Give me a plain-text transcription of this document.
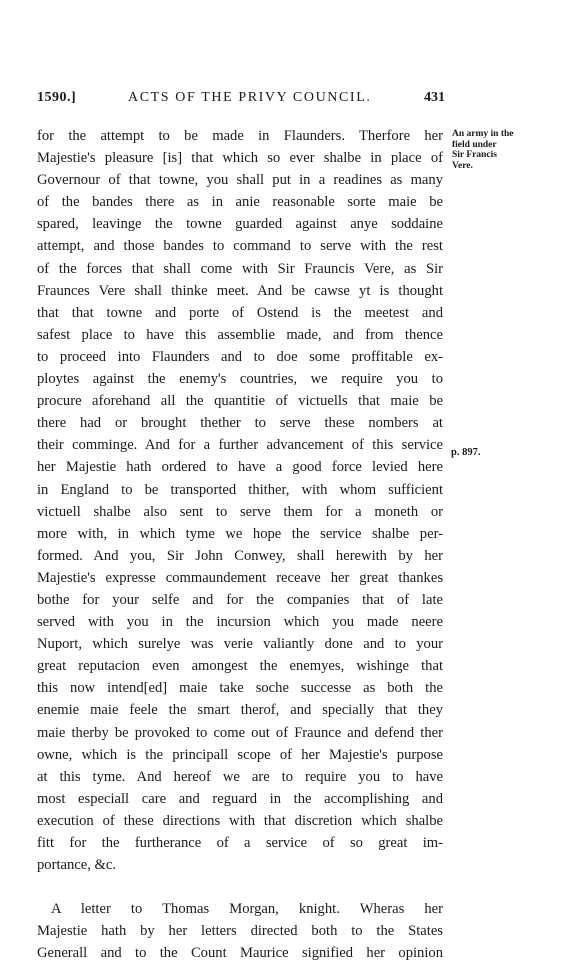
1590.]	ACTS OF THE PRIVY COUNCIL.	431
for the attempt to be made in Flaunders. Therfore her
Majestie's pleasure [is] that which so ever shalbe in place of
Governour of that towne, you shall put in a readines as many
of the bandes there as in anie reasonable sorte maie be
spared, leavinge the towne guarded against anye soddaine
attempt, and those bandes to command to serve with the rest
of the forces that shall come with Sir Frauncis Vere, as Sir
Fraunces Vere shall thinke meet. And be cawse yt is thought
that that towne and porte of Ostend is the meetest and
safest place to have this assemblie made, and from thence
to proceed into Flaunders and to doe some proffitable ex-
ploytes against the enemy's countries, we require you to
procure aforehand all the quantitie of victuells that maie be
there had or brought thether to serve these nombers at
their comminge. And for a further advancement of this service
her Majestie hath ordered to have a good force levied here
in England to be transported thither, with whom sufficient
victuell shalbe also sent to serve them for a moneth or
more with, in which tyme we hope the service shalbe per-
formed. And you, Sir John Conwey, shall herewith by her
Majestie's expresse commaundement receave her great thankes
bothe for your selfe and for the companies that of late
served with you in the incursion which you made neere
Nuport, which surelye was verie valiantly done and to your
great reputacion even amongest the enemyes, wishinge that
this now intend[ed] maie take soche successe as both the
enemie maie feele the smart therof, and specially that they
maie therby be provoked to come out of Fraunce and defend ther
owne, which is the principall scope of her Majestie's purpose
at this tyme. And hereof we are to require you to have
most especiall care and reguard in the accomplishing and
execution of these directions with that discretion which shalbe
fitt for the furtherance of a service of so great im-
portance, &c.
A letter to Thomas Morgan, knight. Wheras her
Majestie hath by her letters directed both to the States
Generall and to the Count Maurice signified her opinion
An army in the
field under
Sir Francis
Vere.
p. 897.
